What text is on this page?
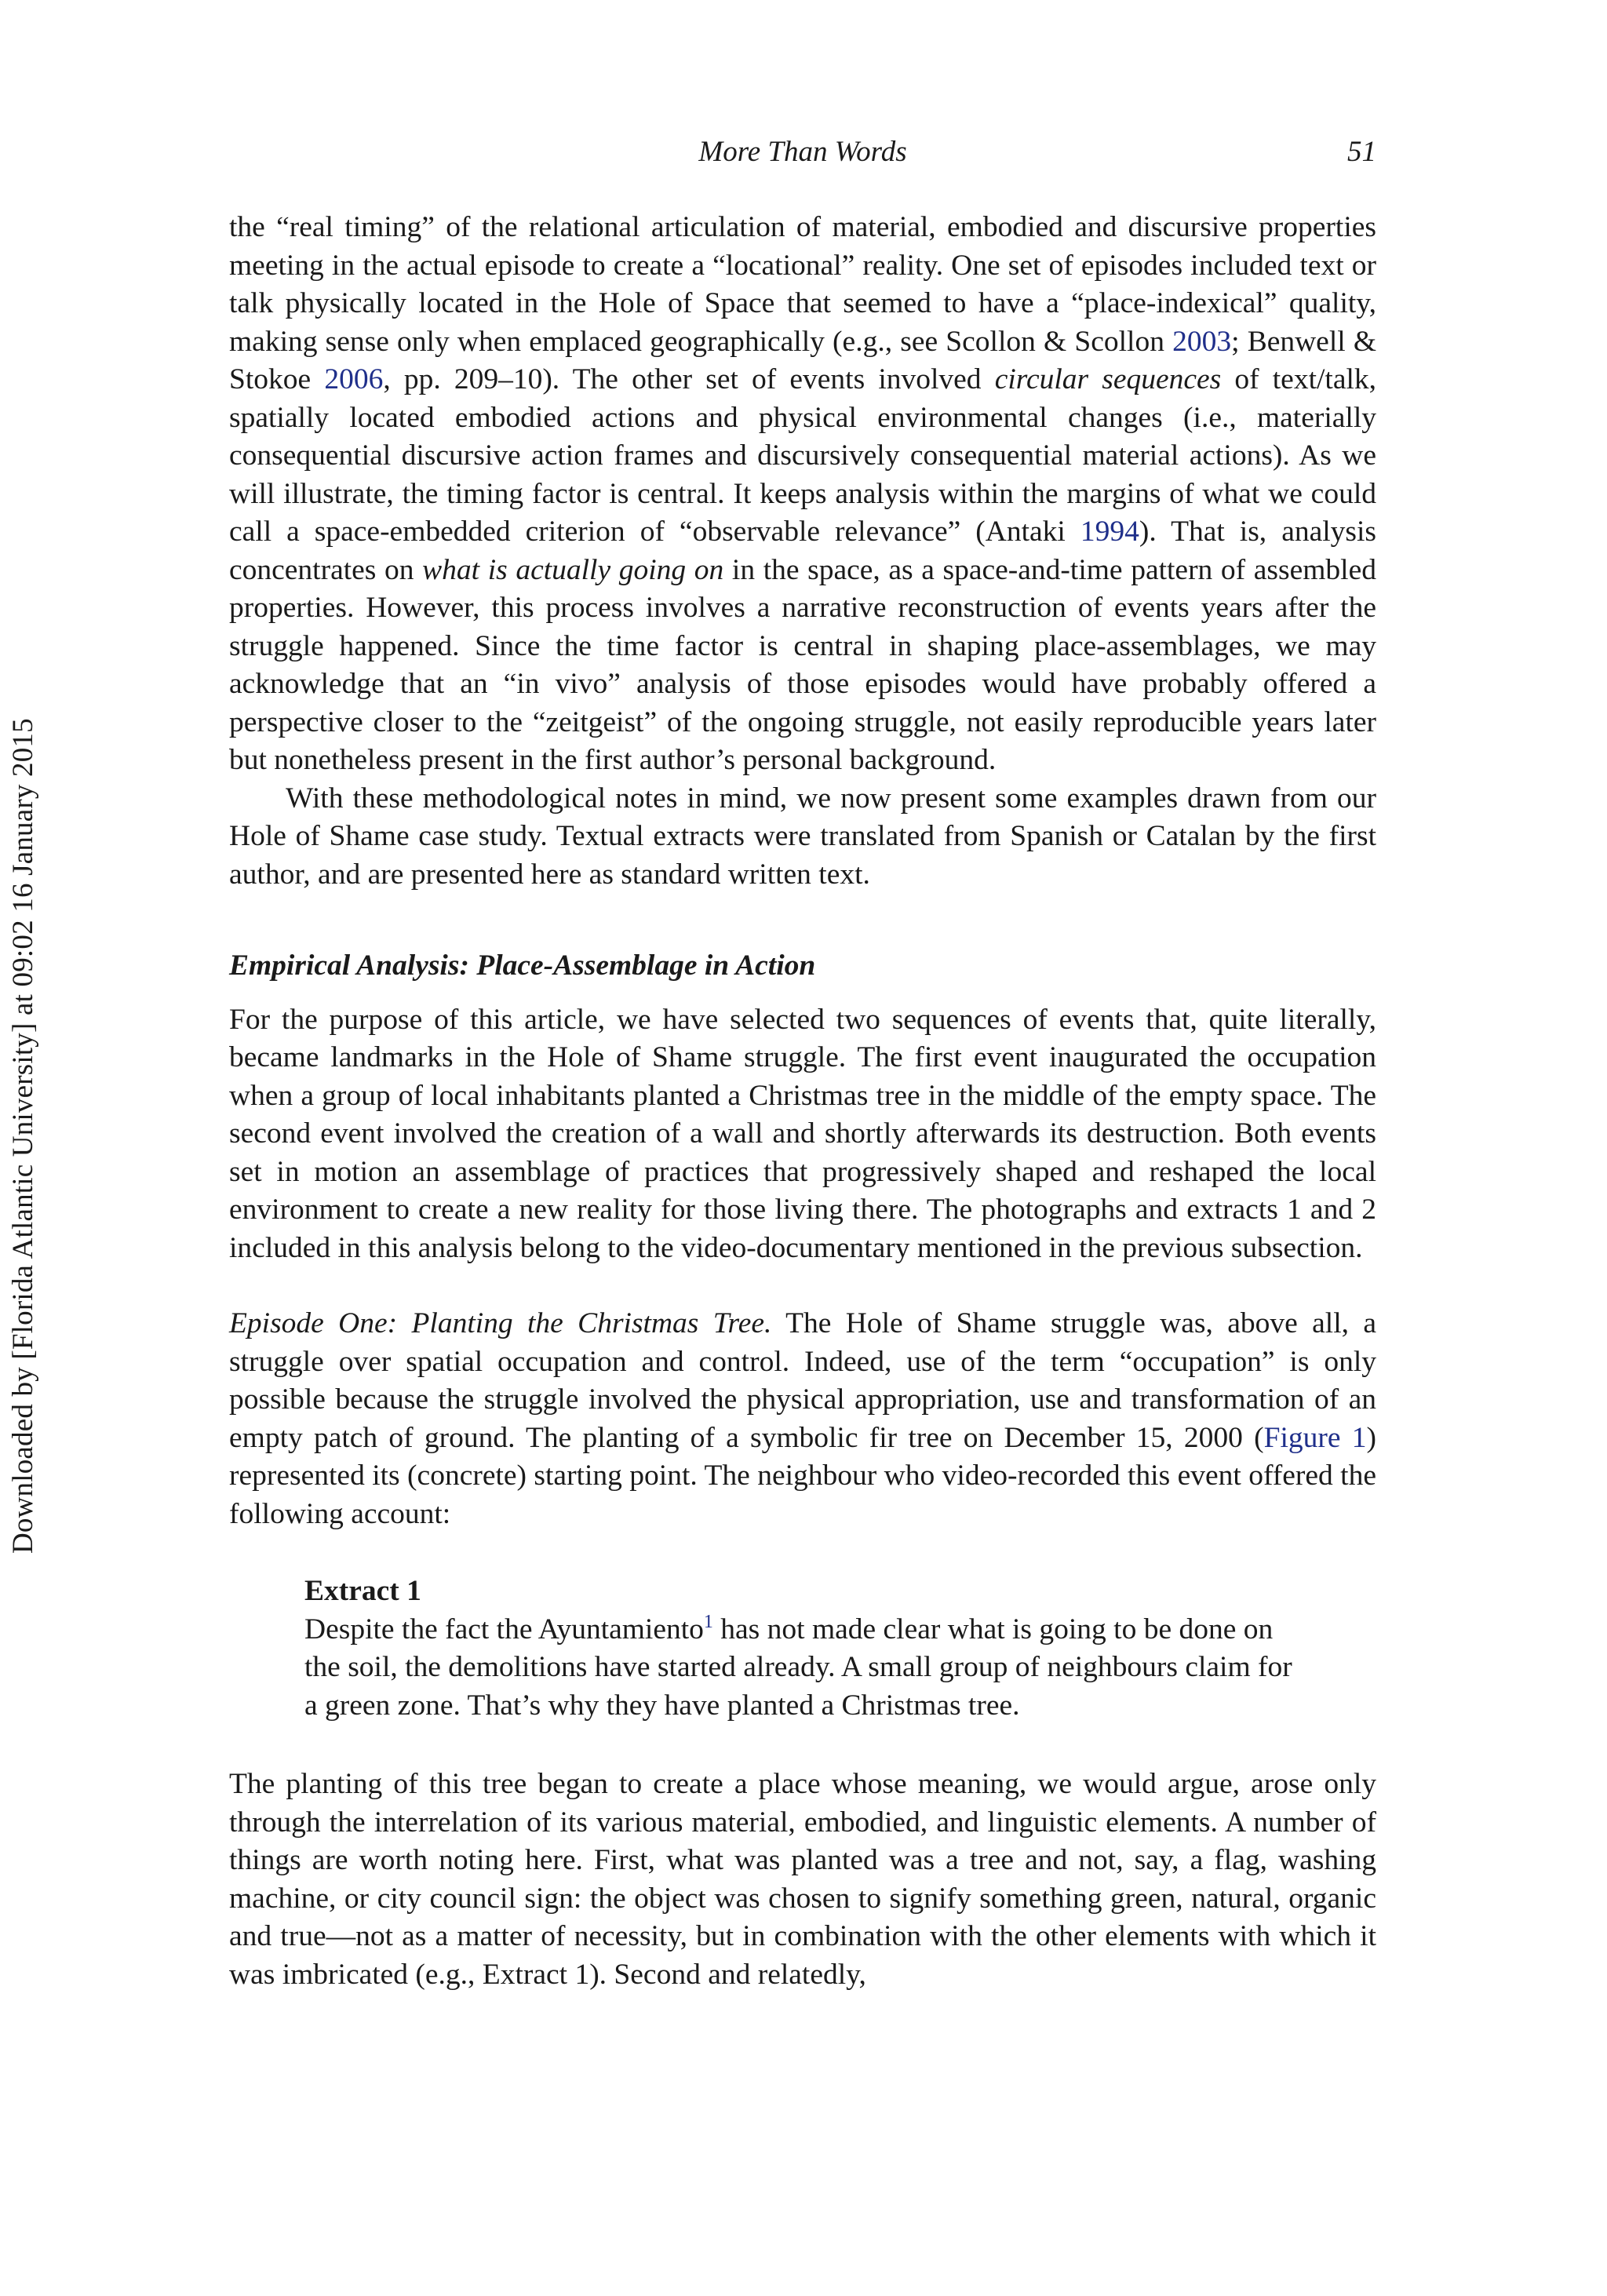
More Than Words	51
Downloaded by [Florida Atlantic University] at 09:02 16 January 2015

the “real timing” of the relational articulation of material, embodied and discursive properties meeting in the actual episode to create a “locational” reality. One set of episodes included text or talk physically located in the Hole of Space that seemed to have a “place-indexical” quality, making sense only when emplaced geographically (e.g., see Scollon & Scollon 2003; Benwell & Stokoe 2006, pp. 209–10). The other set of events involved circular sequences of text/talk, spatially located embodied actions and physical environmental changes (i.e., materially consequential discursive action frames and discursively consequential material actions). As we will illustrate, the timing factor is central. It keeps analysis within the margins of what we could call a space-embedded criterion of “observable relevance” (Antaki 1994). That is, analysis concentrates on what is actually going on in the space, as a space-and-time pattern of assembled properties. However, this process involves a narrative reconstruction of events years after the struggle happened. Since the time factor is central in shaping place-assemblages, we may acknowledge that an “in vivo” analysis of those episodes would have probably offered a perspective closer to the “zeitgeist” of the ongoing struggle, not easily reproducible years later but nonetheless present in the first author’s personal background.

With these methodological notes in mind, we now present some examples drawn from our Hole of Shame case study. Textual extracts were translated from Spanish or Catalan by the first author, and are presented here as standard written text.

Empirical Analysis: Place-Assemblage in Action

For the purpose of this article, we have selected two sequences of events that, quite literally, became landmarks in the Hole of Shame struggle. The first event inaugurated the occupation when a group of local inhabitants planted a Christmas tree in the middle of the empty space. The second event involved the creation of a wall and shortly afterwards its destruction. Both events set in motion an assemblage of practices that progressively shaped and reshaped the local environment to create a new reality for those living there. The photographs and extracts 1 and 2 included in this analysis belong to the video-documentary mentioned in the previous subsection.

Episode One: Planting the Christmas Tree. The Hole of Shame struggle was, above all, a struggle over spatial occupation and control. Indeed, use of the term “occupation” is only possible because the struggle involved the physical appropriation, use and transformation of an empty patch of ground. The planting of a symbolic fir tree on December 15, 2000 (Figure 1) represented its (concrete) starting point. The neighbour who video-recorded this event offered the following account:

Extract 1
Despite the fact the Ayuntamiento$^1$ has not made clear what is going to be done on the soil, the demolitions have started already. A small group of neighbours claim for a green zone. That’s why they have planted a Christmas tree.

The planting of this tree began to create a place whose meaning, we would argue, arose only through the interrelation of its various material, embodied, and linguistic elements. A number of things are worth noting here. First, what was planted was a tree and not, say, a flag, washing machine, or city council sign: the object was chosen to signify something green, natural, organic and true—not as a matter of necessity, but in combination with the other elements with which it was imbricated (e.g., Extract 1). Second and relatedly,
